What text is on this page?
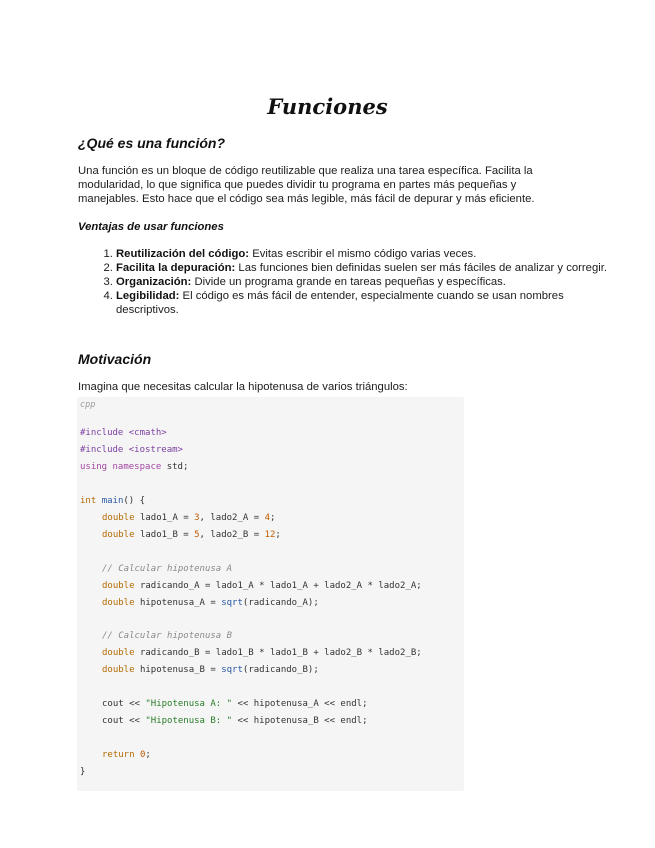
Funciones
¿Qué es una función?

Una función es un bloque de código reutilizable que realiza una tarea específica. Facilita la modularidad, lo que significa que puedes dividir tu programa en partes más pequeñas y manejables. Esto hace que el código sea más legible, más fácil de depurar y más eficiente.

Ventajas de usar funciones
1. Reutilización del código: Evitas escribir el mismo código varias veces.
2. Facilita la depuración: Las funciones bien definidas suelen ser más fáciles de analizar y corregir.
3. Organización: Divide un programa grande en tareas pequeñas y específicas.
4. Legibilidad: El código es más fácil de entender, especialmente cuando se usan nombres descriptivos.
Motivación

Imagina que necesitas calcular la hipotenusa de varios triángulos:

cpp
#include <cmath>
#include <iostream>
using namespace std;
int main() {
double lado1_A = 3, lado2_A = 4;
double lado1_B = 5, lado2_B = 12;
// Calcular hipotenusa A
double radicando_A = lado1_A * lado1_A + lado2_A * lado2_A;
double hipotenusa_A = sqrt(radicando_A);
// Calcular hipotenusa B
double radicando_B = lado1_B * lado1_B + lado2_B * lado2_B;
double hipotenusa_B = sqrt(radicando_B);
cout << "Hipotenusa A: " << hipotenusa_A << endl;
cout << "Hipotenusa B: " << hipotenusa_B << endl;
return 0;
}
